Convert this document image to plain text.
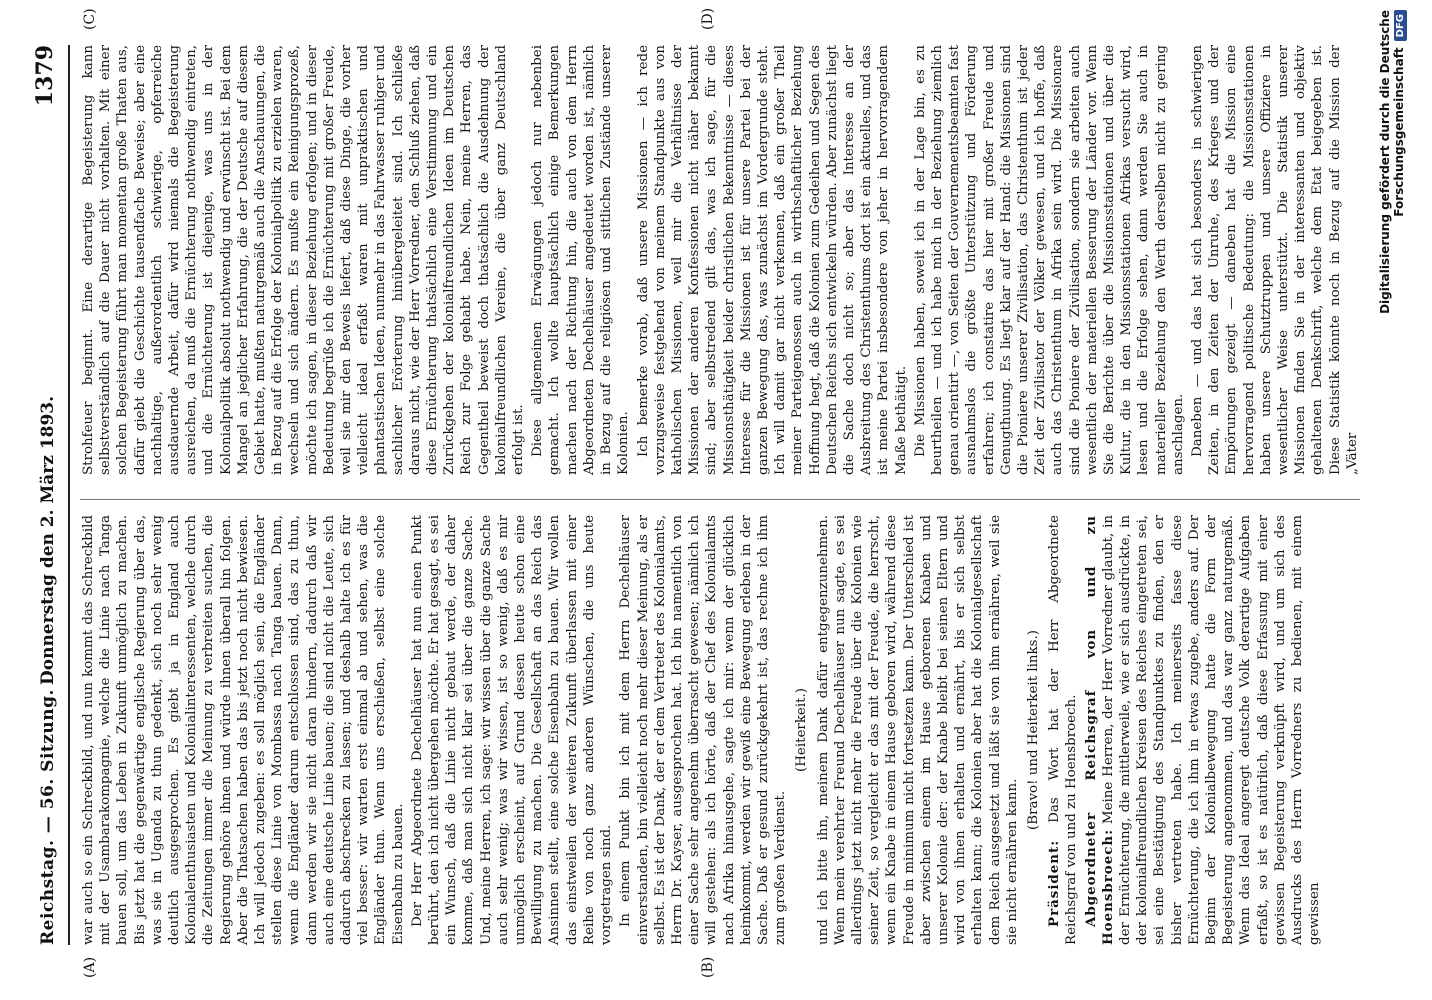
Reichstag. — 56. Sitzung.
Donnerstag den 2. März 1893.
1379
(A)	(B)
(C)	(D)

war auch so ein Schreckbild, und nun kommt das Schreckbild mit der Usambarakompagnie, welche die Linie nach Tanga bauen soll, um das Leben in Zukunft unmöglich zu machen. Bis jetzt hat die gegenwärtige englische Regierung über das, was sie in Uganda zu thun gedenkt, sich noch sehr wenig deutlich ausgesprochen. Es giebt ja in England auch Kolonialenthusiasten und Kolonialinteressenten, welche durch die Zeitungen immer die Meinung zu verbreiten suchen, die Regierung gehöre ihnen und würde ihnen überall hin folgen. Aber die Thatsachen haben das bis jetzt noch nicht bewiesen. Ich will jedoch zugeben: es soll möglich sein, die Engländer stellen diese Linie von Mombassa nach Tanga bauen. Dann, wenn die Engländer darum entschlossen sind, das zu thun, dann werden wir sie nicht daran hindern, dadurch daß wir auch eine deutsche Linie bauen; die sind nicht die Leute, sich dadurch abschrecken zu lassen; und deshalb halte ich es für viel besser: wir warten erst einmal ab und sehen, was die Engländer thun. Wenn uns erschießen, selbst eine solche Eisenbahn zu bauen. Der Herr Abgeordnete Dechelhäuser hat nun einen Punkt berührt, den ich nicht übergehen möchte. Er hat gesagt, es sei ein Wunsch, daß die Linie nicht gebaut werde, der daher komme, daß man sich nicht klar sei über die ganze Sache. Und, meine Herren, ich sage: wir wissen über die ganze Sache auch sehr wenig; was wir wissen, ist so wenig, daß es mir unmöglich erscheint, auf Grund dessen heute schon eine Bewilligung zu machen. Die Gesellschaft an das Reich das Ansinnen stellt, eine solche Eisenbahn zu bauen. Wir wollen das einstweilen der weiteren Zukunft überlassen mit einer Reihe von noch ganz anderen Wünschen, die uns heute vorgetragen sind. In einem Punkt bin ich mit dem Herrn Dechelhäuser einverstanden, bin vielleicht noch mehr dieser Meinung, als er selbst. Es ist der Dank, der er dem Vertreter des Kolonialamts, Herrn Dr. Kayser, ausgesprochen hat. Ich bin namentlich von einer Sache sehr angenehm überrascht gewesen; nämlich ich will gestehen: als ich hörte, daß der Chef des Kolonialamts nach Afrika hinausgehe, sagte ich mir: wenn der glücklich heimkommt, werden wir gewiß eine Bewegung erleben in der Sache. Daß er gesund zurückgekehrt ist, das rechne ich ihm zum großen Verdienst.

(Heiterkeit.) und ich bitte ihn, meinem Dank dafür entgegenzunehmen. Wenn mein verehrter Freund Dechelhäuser nun sagte, es sei allerdings jetzt nicht mehr die Freude über die Kolonien wie seiner Zeit, so vergleicht er das mit der Freude, die herrscht, wenn ein Knabe in einem Hause geboren wird, während diese Freude in minimum nicht fortsetzen kann. Der Unterschied ist aber zwischen einem im Hause geborenen Knaben und unserer Kolonie der: der Knabe bleibt bei seinen Eltern und wird von ihnen erhalten und ernährt, bis er sich selbst erhalten kann; die Kolonien aber hat die Kolonialgesellschaft dem Reich ausgesetzt und läßt sie von ihm ernähren, weil sie sie nicht ernähren kann.

(Bravo! und Heiterkeit links.)

Präsident: Das Wort hat der Herr Abgeordnete Reichsgraf von und zu Hoensbroech. Abgeordneter Reichsgraf von und zu Hoensbroech: Meine Herren, der Herr Vorredner glaubt, in der Ernüchterung, die mittlerweile, wie er sich ausdrückte, in der kolonialfreundlichen Kreisen des Reiches eingetreten sei, sei eine Bestätigung des Standpunktes zu finden, den er bisher vertreten habe. Ich meinerseits fasse diese Ernüchterung, die ich ihm in etwas zugebe, anders auf. Der Beginn der Kolonialbewegung hatte die Form der Begeisterung angenommen, und das war ganz naturgemäß. Wenn das Ideal angeregt deutsche Volk derartige Aufgaben erfaßt, so ist es natürlich, daß diese Erfassung mit einer gewissen Begeisterung verknüpft wird, und um sich des Ausdrucks des Herrn Vorredners zu bedienen, mit einem gewissen

Strohfeuer beginnt. Eine derartige Begeisterung kann selbstverständlich auf die Dauer nicht vorhalten. Mit einer solchen Begeisterung führt man momentan große Thaten aus, dafür giebt die Geschichte tausendfache Beweise; aber eine nachhaltige, außerordentlich schwierige, opferreiche ausdauernde Arbeit, dafür wird niemals die Begeisterung ausreichen, da muß die Ernüchterung nothwendig eintreten, und die Ernüchterung ist diejenige, was uns in der Kolonialpolitik absolut nothwendig und erwünscht ist. Bei dem Mangel an jeglicher Erfahrung, die der Deutsche auf diesem Gebiet hatte, mußten naturgemäß auch die Anschauungen, die in Bezug auf die Erfolge der Kolonialpolitik zu erzielen waren, wechseln und sich ändern. Es mußte ein Reinigungsprozeß, möchte ich sagen, in dieser Beziehung erfolgen; und in dieser Bedeutung begrüße ich die Ernüchterung mit großer Freude, weil sie mir den Beweis liefert, daß diese Dinge, die vorher vielleicht ideal erfaßt waren mit unpraktischen und phantastischen Ideen, nunmehr in das Fahrwasser ruhiger und sachlicher Erörterung hinübergeleitet sind. Ich schließe daraus nicht, wie der Herr Vorredner, den Schluß ziehen, daß diese Ernüchterung thatsächlich eine Verstimmung und ein Zurückgehen der kolonialfreundlichen Ideen im Deutschen Reich zur Folge gehabt habe. Nein, meine Herren, das Gegentheil beweist doch thatsächlich die Ausdehnung der kolonialfreundlichen Vereine, die über ganz Deutschland erfolgt ist. Diese allgemeinen Erwägungen jedoch nur nebenbei gemacht. Ich wollte hauptsächlich einige Bemerkungen machen nach der Richtung hin, die auch von dem Herrn Abgeordneten Dechelhäuser angedeutet worden ist, nämlich in Bezug auf die religiösen und sittlichen Zustände unserer Kolonien. Ich bemerke vorab, daß unsere Missionen — ich rede vorzugsweise festgehend von meinem Standpunkte aus von katholischen Missionen, weil mir die Verhältnisse der Missionen der anderen Konfessionen nicht näher bekannt sind; aber selbstredend gilt das, was ich sage, für die Missionsthätigkeit beider christlichen Bekenntnisse — dieses Interesse für die Missionen ist für unsere Partei bei der ganzen Bewegung das, was zunächst im Vordergrunde steht. Ich will damit gar nicht verkennen, daß ein großer Theil meiner Parteigenossen auch in wirthschaftlicher Beziehung Hoffnung hegt, daß die Kolonien zum Gedeihen und Segen des Deutschen Reichs sich entwickeln würden. Aber zunächst liegt die Sache doch nicht so; aber das Interesse an der Ausbreitung des Christenthums dort ist ein aktuelles, und das ist meine Partei insbesondere von jeher in hervorragendem Maße bethätigt. Die Missionen haben, soweit ich in der Lage bin, es zu beurtheilen — und ich habe mich in der Beziehung ziemlich genau orientirt —, von Seiten der Gouvernementsbeamten fast ausnahmslos die größte Unterstützung und Förderung erfahren; ich constatire das hier mit großer Freude und Genugthuung. Es liegt klar auf der Hand: die Missionen sind die Pioniere unserer Zivilisation, das Christenthum ist jeder Zeit der Zivilisator der Völker gewesen, und ich hoffe, daß auch das Christenthum in Afrika sein wird. Die Missionare sind die Pioniere der Zivilisation, sondern sie arbeiten auch wesentlich der materiellen Besserung der Länder vor. Wenn Sie die Berichte über die Missionsstationen und über die Kultur, die in den Missionsstationen Afrikas versucht wird, lesen und die Erfolge sehen, dann werden Sie auch in materieller Beziehung den Werth derselben nicht zu gering anschlagen. Daneben — und das hat sich besonders in schwierigen Zeiten, in den Zeiten der Unruhe, des Krieges und der Empörungen gezeigt — daneben hat die Mission eine hervorragend politische Bedeutung: die Missionsstationen haben unsere Schutztruppen und unsere Offiziere in wesentlicher Weise unterstützt. Die Statistik unserer Missionen finden Sie in der interessanten und objektiv gehaltenen Denkschrift, welche dem Etat beigegeben ist. Diese Statistik könnte noch in Bezug auf die Mission der „Väter

Digitalisierung gefördert durch die Deutsche ForschungsgemeinschaftDFG
